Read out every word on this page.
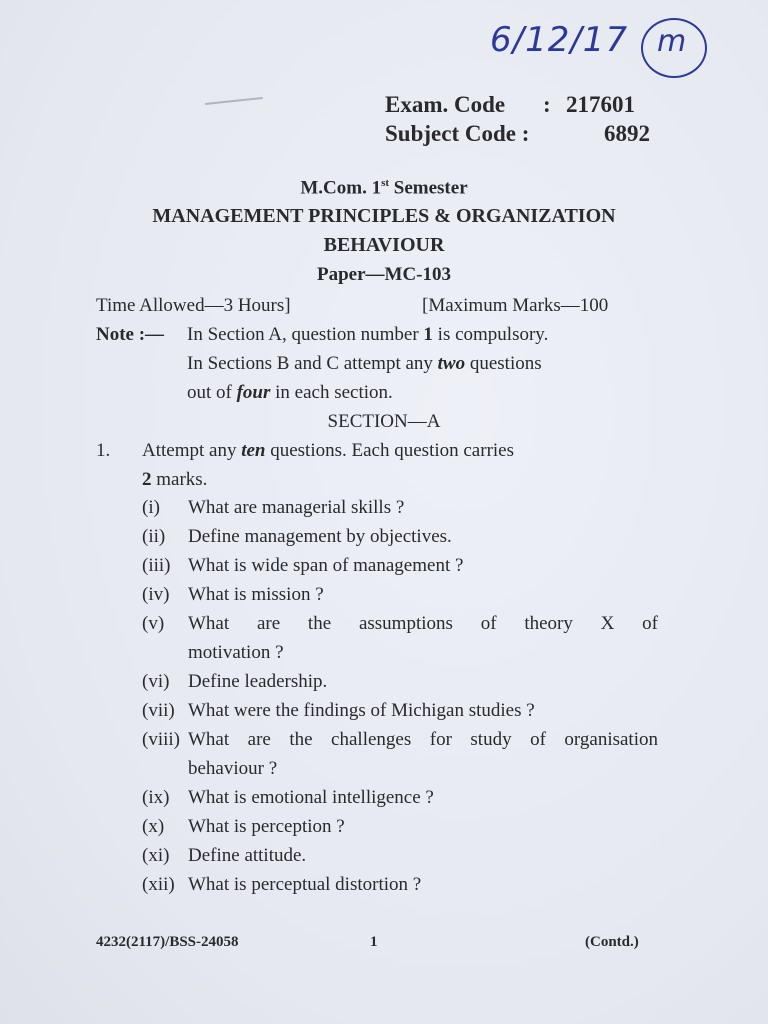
6/12/17 m
Exam. Code : 217601
Subject Code :	6892
M.Com. 1st Semester
MANAGEMENT PRINCIPLES & ORGANIZATION
BEHAVIOUR
Paper—MC-103
Time Allowed—3 Hours]	[Maximum Marks—100
Note :— In Section A, question number 1 is compulsory.
In Sections B and C attempt any two questions
out of four in each section.
SECTION—A
1. Attempt any ten questions. Each question carries
2 marks.
(i) What are managerial skills ?
(ii) Define management by objectives.
(iii) What is wide span of management ?
(iv) What is mission ?
(v) What are the assumptions of theory X of
motivation ?
(vi) Define leadership.
(vii) What were the findings of Michigan studies ?
(viii) What are the challenges for study of organisation
behaviour ?
(ix) What is emotional intelligence ?
(x) What is perception ?
(xi) Define attitude.
(xii) What is perceptual distortion ?
4232(2117)/BSS-24058	1	(Contd.)
